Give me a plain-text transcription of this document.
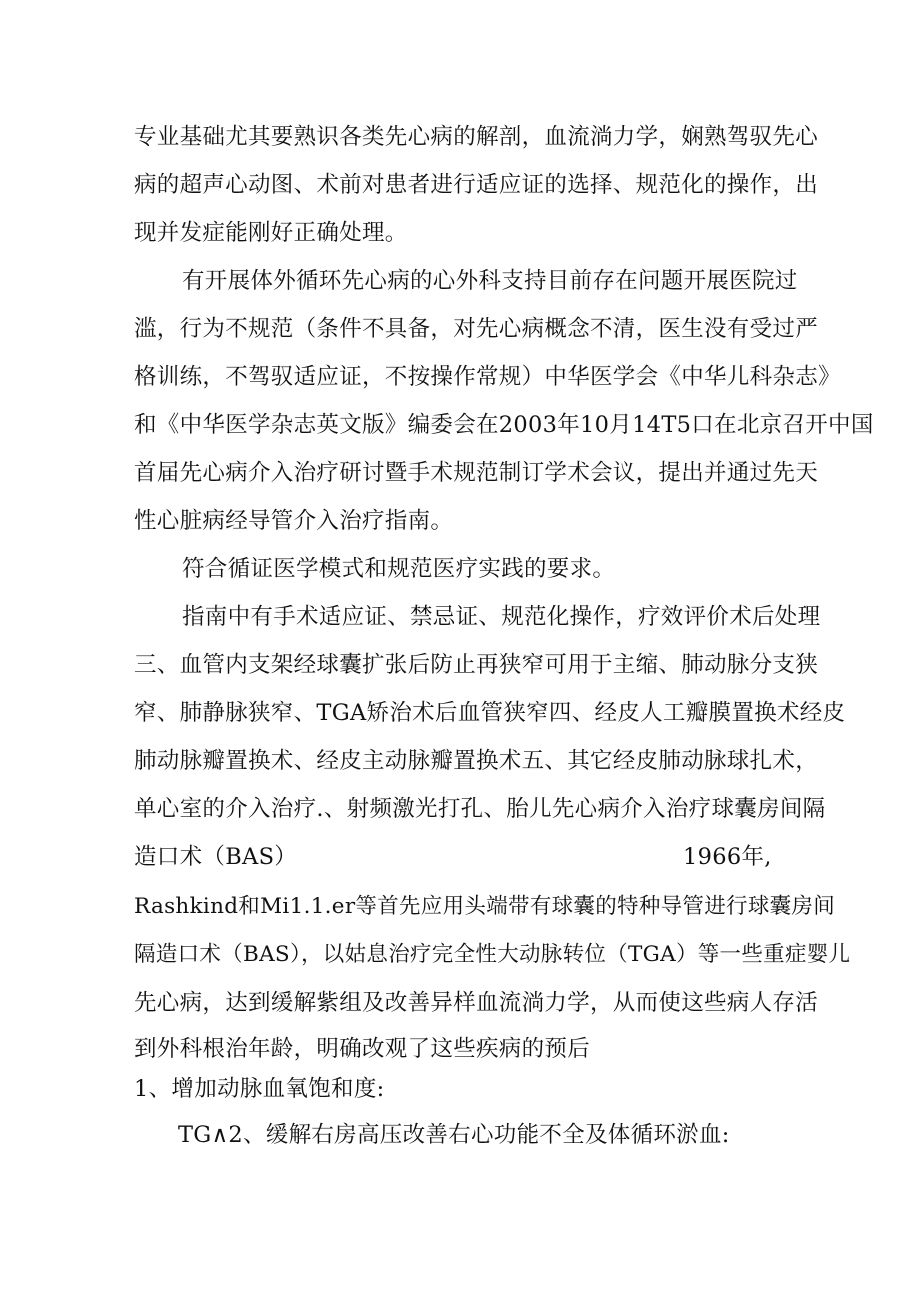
专业基础尤其要熟识各类先心病的解剖，血流淌力学，娴熟驾驭先心
病的超声心动图、术前对患者进行适应证的选择、规范化的操作，出
现并发症能刚好正确处理。
有开展体外循环先心病的心外科支持目前存在问题开展医院过
滥，行为不规范（条件不具备，对先心病概念不清，医生没有受过严
格训练，不驾驭适应证，不按操作常规）中华医学会《中华儿科杂志》
和《中华医学杂志英文版》编委会在2003年10月14T5口在北京召开中国
首届先心病介入治疗研讨暨手术规范制订学术会议，提出并通过先天
性心脏病经导管介入治疗指南。
符合循证医学模式和规范医疗实践的要求。
指南中有手术适应证、禁忌证、规范化操作，疗效评价术后处理
三、血管内支架经球囊扩张后防止再狭窄可用于主缩、肺动脉分支狭
窄、肺静脉狭窄、TGA矫治术后血管狭窄四、经皮人工瓣膜置换术经皮
肺动脉瓣置换术、经皮主动脉瓣置换术五、其它经皮肺动脉球扎术，
单心室的介入治疗.、射频激光打孔、胎儿先心病介入治疗球囊房间隔
造口术（BAS）	1966年,
Rashkind和Mi1.1.er等首先应用头端带有球囊的特种导管进行球囊房间
隔造口术（BAS），以姑息治疗完全性大动脉转位（TGA）等一些重症婴儿
先心病，达到缓解紫组及改善异样血流淌力学，从而使这些病人存活
到外科根治年龄，明确改观了这些疾病的预后
1、增加动脉血氧饱和度:
TG∧2、缓解右房高压改善右心功能不全及体循环淤血:
